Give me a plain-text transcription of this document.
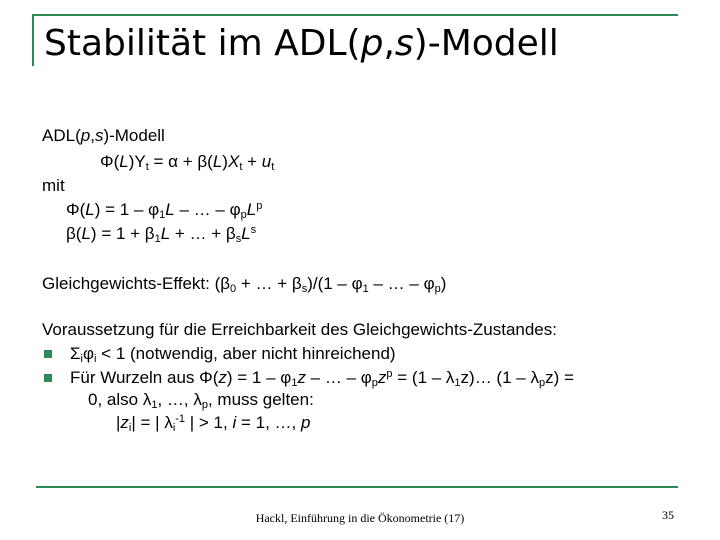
Stabilität im ADL(p,s)-Modell
ADL(p,s)-Modell
$\Phi(L)Y_t = \alpha + \beta(L)X_t + u_t$
mit
$\Phi(L) = 1 - \varphi_1L$ – … – $\varphi_pL^p$
$\beta(L) = 1 + \beta_1L$ + … + $\beta_sL^s$
Gleichgewichts-Effekt: ($\beta_0$ + … + $\beta_s)/(1 - \varphi_1$ – … – $\varphi_p$)
Voraussetzung für die Erreichbarkeit des Gleichgewichts-Zustandes:
$\Sigma_i\varphi_i < 1$ (notwendig, aber nicht hinreichend)
Für Wurzeln aus $\Phi(z) = 1 - \varphi_1z$ – … – $\varphi_pz^p = (1$ – $\lambda_1z)\dots$ $(1 - \lambda_pz)$ =
0, also $\lambda_1$, …, $\lambda_p$, muss gelten:
$|z_i|$ = | $\lambda_i^{-1}$ | > 1, i = 1, …, p
Hackl, Einführung in die Ökonometrie (17)	35
